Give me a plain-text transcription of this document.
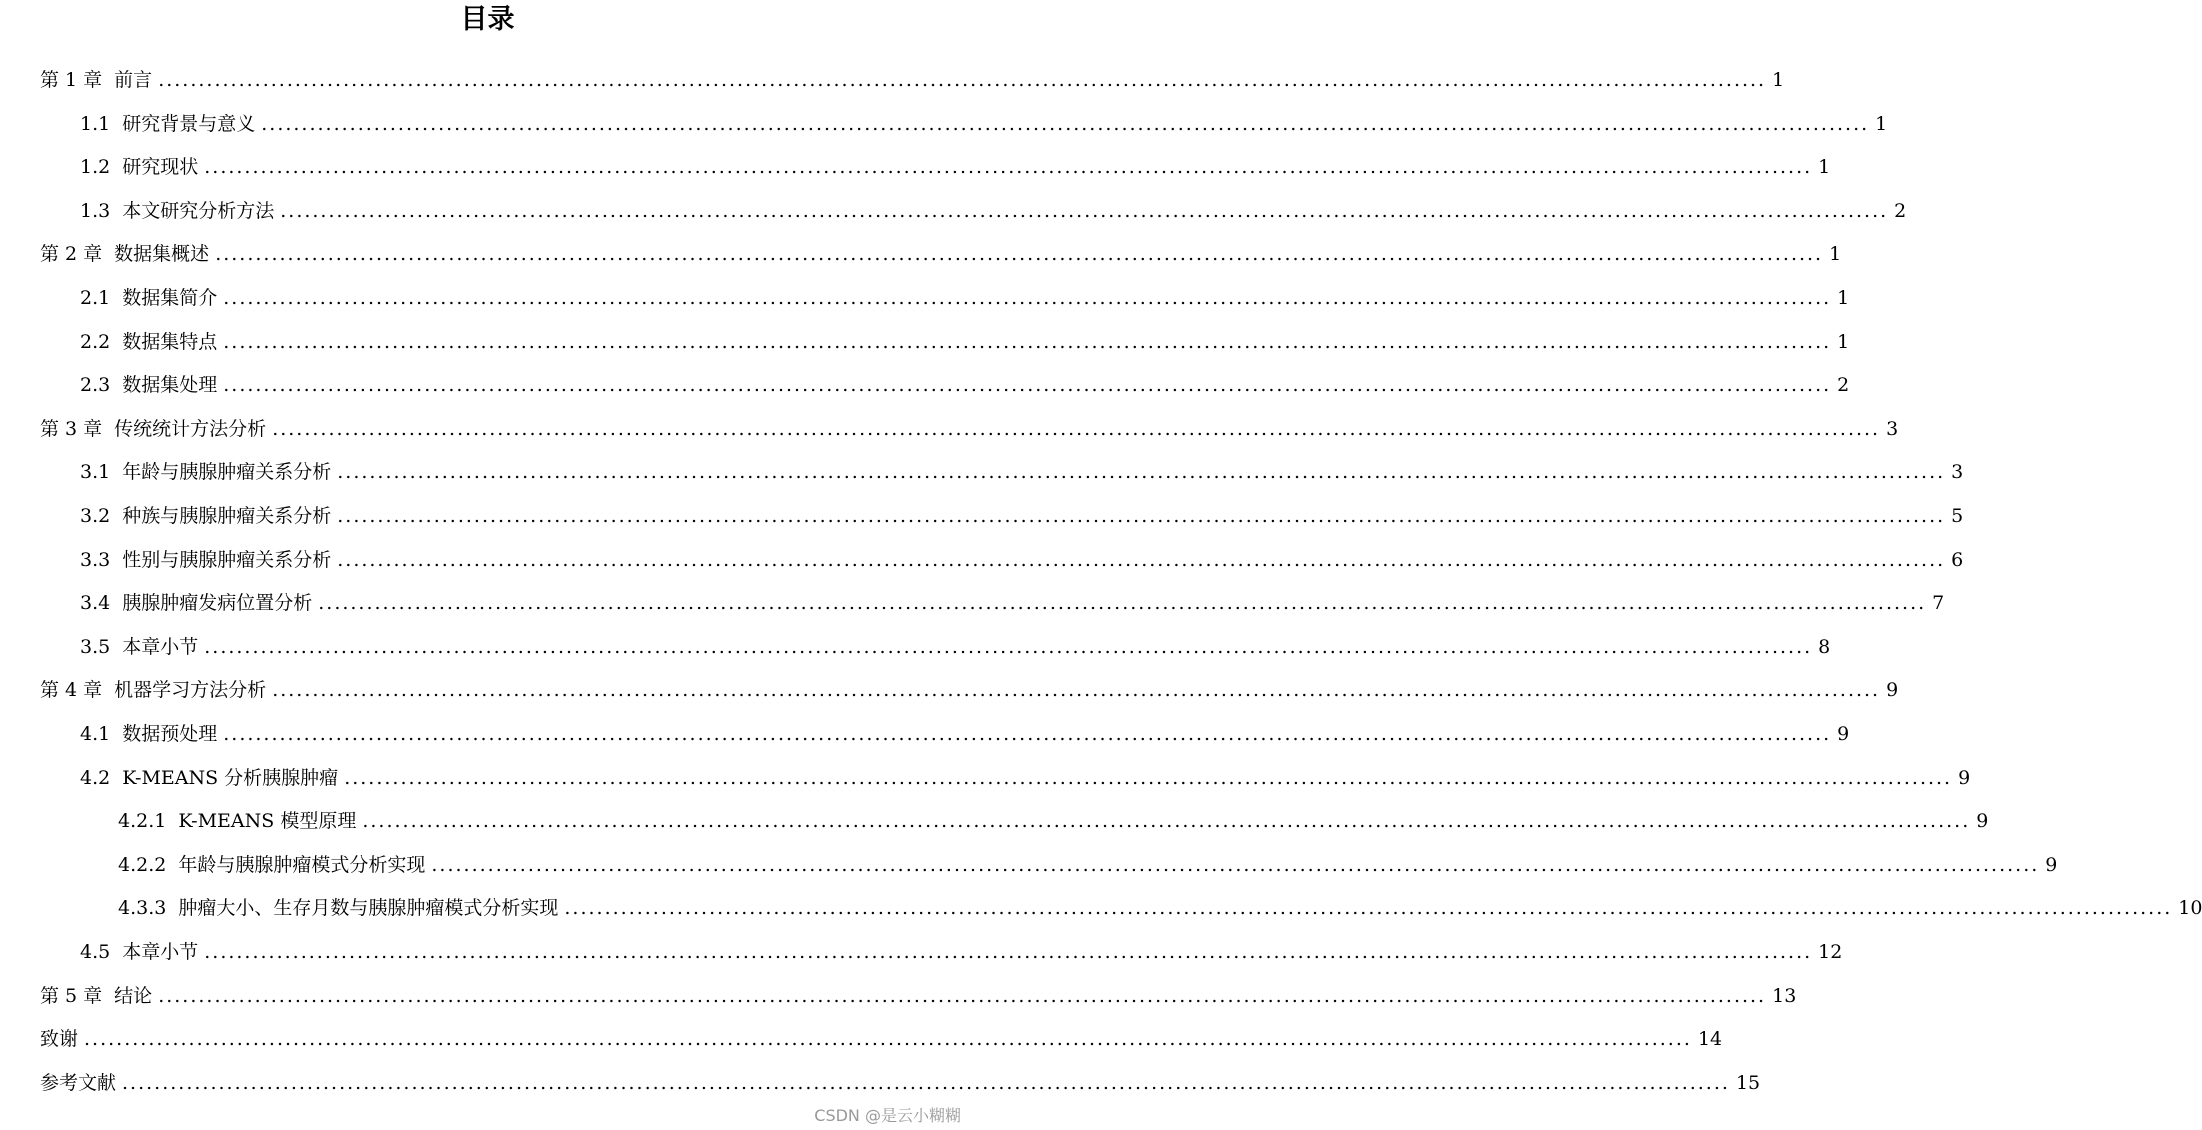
目录
第 1 章 前言 ........................................................................................................................................................................................................ 1
1.1 研究背景与意义 ........................................................................................................................................................................................................ 1
1.2 研究现状 ........................................................................................................................................................................................................ 1
1.3 本文研究分析方法 ........................................................................................................................................................................................................ 2
第 2 章 数据集概述 ........................................................................................................................................................................................................ 1
2.1 数据集简介 ........................................................................................................................................................................................................ 1
2.2 数据集特点 ........................................................................................................................................................................................................ 1
2.3 数据集处理 ........................................................................................................................................................................................................ 2
第 3 章 传统统计方法分析 ........................................................................................................................................................................................................ 3
3.1 年龄与胰腺肿瘤关系分析 ........................................................................................................................................................................................................ 3
3.2 种族与胰腺肿瘤关系分析 ........................................................................................................................................................................................................ 5
3.3 性别与胰腺肿瘤关系分析 ........................................................................................................................................................................................................ 6
3.4 胰腺肿瘤发病位置分析 ........................................................................................................................................................................................................ 7
3.5 本章小节 ........................................................................................................................................................................................................ 8
第 4 章 机器学习方法分析 ........................................................................................................................................................................................................ 9
4.1 数据预处理 ........................................................................................................................................................................................................ 9
4.2 K-MEANS 分析胰腺肿瘤 ........................................................................................................................................................................................................ 9
4.2.1 K-MEANS 模型原理 ........................................................................................................................................................................................................ 9
4.2.2 年龄与胰腺肿瘤模式分析实现 ........................................................................................................................................................................................................ 9
4.3.3 肿瘤大小、生存月数与胰腺肿瘤模式分析实现 ........................................................................................................................................................................................................ 10
4.5 本章小节 ........................................................................................................................................................................................................ 12
第 5 章 结论 ........................................................................................................................................................................................................ 13
致谢 ........................................................................................................................................................................................................ 14
参考文献 ........................................................................................................................................................................................................ 15
CSDN @是云小糊糊
